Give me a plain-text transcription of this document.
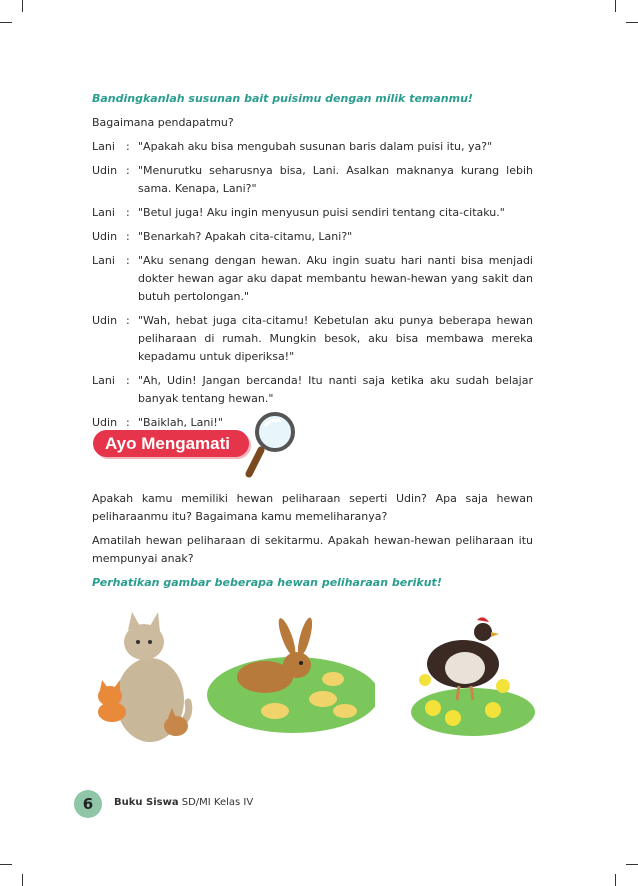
Bandingkanlah susunan bait puisimu dengan milik temanmu!

Bagaimana pendapatmu?

Lani	: "Apakah aku bisa mengubah susunan baris dalam puisi itu, ya?"
Udin : "Menurutku seharusnya bisa, Lani. Asalkan maknanya kurang lebih sama. Kenapa, Lani?"
Lani	: "Betul juga! Aku ingin menyusun puisi sendiri tentang cita-citaku."
Udin : "Benarkah? Apakah cita-citamu, Lani?"
Lani	: "Aku senang dengan hewan. Aku ingin suatu hari nanti bisa menjadi dokter hewan agar aku dapat membantu hewan-hewan yang sakit dan butuh pertolongan."
Udin : "Wah, hebat juga cita-citamu! Kebetulan aku punya beberapa hewan peliharaan di rumah. Mungkin besok, aku bisa membawa mereka kepadamu untuk diperiksa!"
Lani	: "Ah, Udin! Jangan bercanda! Itu nanti saja ketika aku sudah belajar banyak tentang hewan."
Udin : "Baiklah, Lani!"
Ayo Mengamati

Apakah kamu memiliki hewan peliharaan seperti Udin? Apa saja hewan peliharaanmu itu? Bagaimana kamu memeliharanya?

Amatilah hewan peliharaan di sekitarmu. Apakah hewan-hewan peliharaan itu mempunyai anak?

Perhatikan gambar beberapa hewan peliharaan berikut!

6	Buku Siswa SD/MI Kelas IV
